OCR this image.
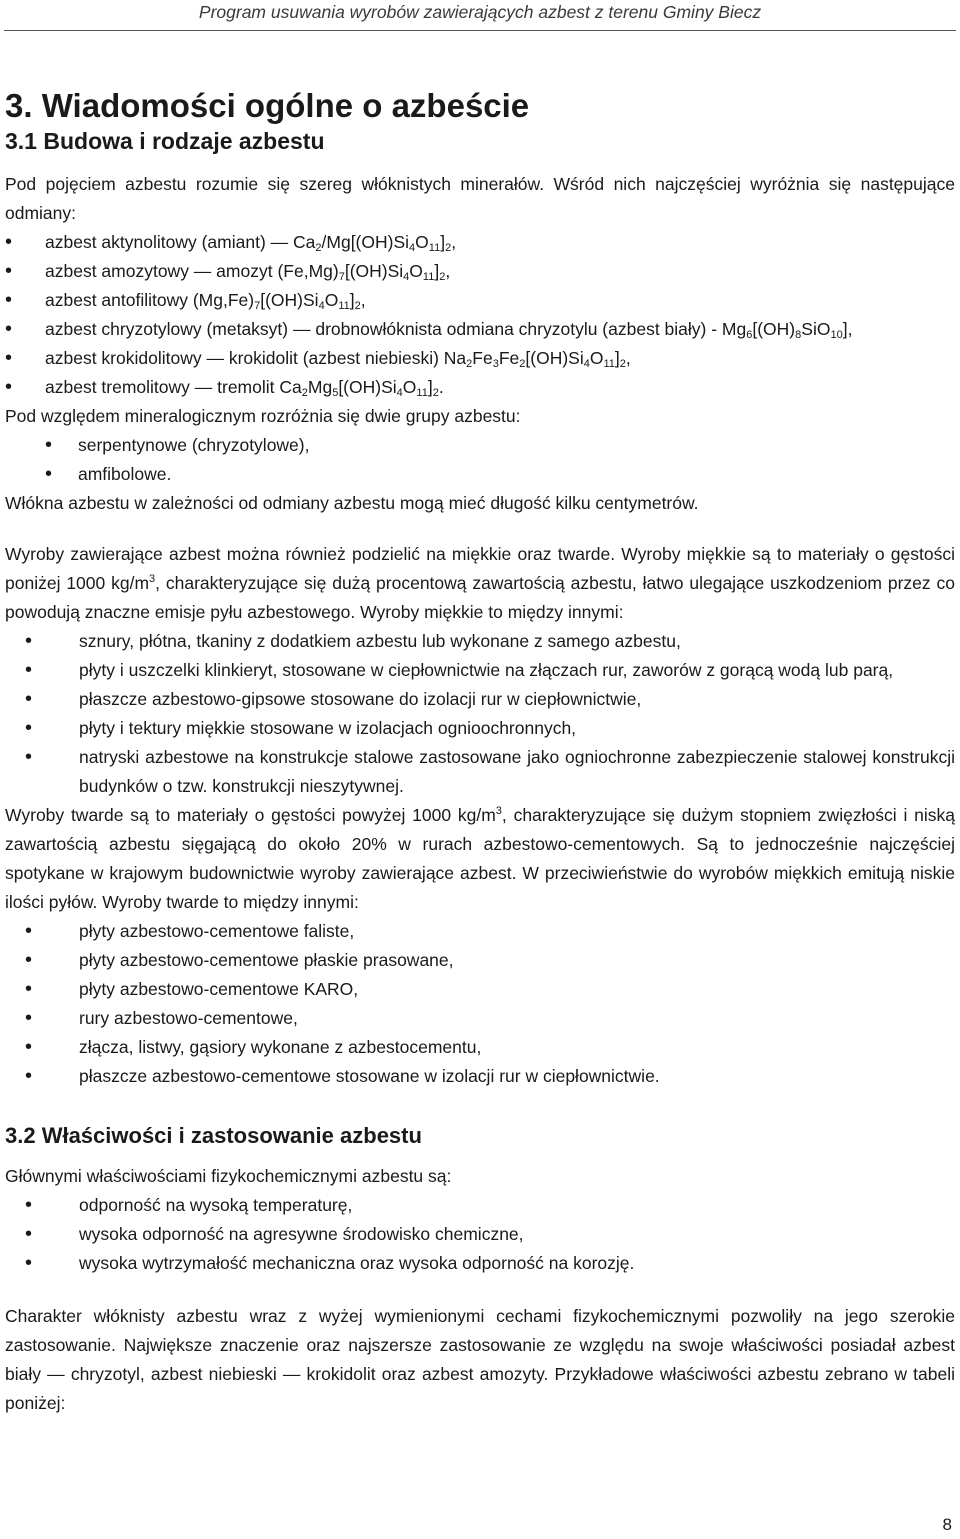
Program usuwania wyrobów zawierających azbest z terenu Gminy Biecz
3. Wiadomości ogólne o azbeście
3.1 Budowa i rodzaje azbestu

Pod pojęciem azbestu rozumie się szereg włóknistych minerałów. Wśród nich najczęściej wyróżnia się następujące odmiany:

• azbest aktynolitowy (amiant) — $Ca_2/Mg[(OH)Si_4O_{11}]_2$,
• azbest amozytowy — amozyt $(Fe,Mg)_7[(OH)Si_4O_{11}]_2$,
• azbest antofilitowy $(Mg,Fe)_7[(OH)Si_4O_{11}]_2$,
• azbest chryzotylowy (metaksyt) — drobnowłóknista odmiana chryzotylu (azbest biały) - $Mg_6[(OH)_8SiO_{10}]$,
• azbest krokidolitowy — krokidolit (azbest niebieski) $Na_2Fe_3Fe_2[(OH)Si_4O_{11}]_2$,
• azbest tremolitowy — tremolit $Ca_2Mg_5[(OH)Si_4O_{11}]_2$.

Pod względem mineralogicznym rozróżnia się dwie grupy azbestu:

• serpentynowe (chryzotylowe),
• amfibolowe.

Włókna azbestu w zależności od odmiany azbestu mogą mieć długość kilku centymetrów.

Wyroby zawierające azbest można również podzielić na miękkie oraz twarde. Wyroby miękkie są to materiały o gęstości poniżej 1000 $kg/m^3$, charakteryzujące się dużą procentową zawartością azbestu, łatwo ulegające uszkodzeniom przez co powodują znaczne emisje pyłu azbestowego. Wyroby miękkie to między innymi:

• sznury, płótna, tkaniny z dodatkiem azbestu lub wykonane z samego azbestu,
• płyty i uszczelki klinkieryt, stosowane w ciepłownictwie na złączach rur, zaworów z gorącą wodą lub parą,
• płaszcze azbestowo-gipsowe stosowane do izolacji rur w ciepłownictwie,
• płyty i tektury miękkie stosowane w izolacjach ognioochronnych,
• natryski azbestowe na konstrukcje stalowe zastosowane jako ogniochronne zabezpieczenie stalowej konstrukcji budynków o tzw. konstrukcji nieszytywnej.

Wyroby twarde są to materiały o gęstości powyżej 1000 $kg/m^3$, charakteryzujące się dużym stopniem zwięzłości i niską zawartością azbestu sięgającą do około 20% w rurach azbestowo-cementowych. Są to jednocześnie najczęściej spotykane w krajowym budownictwie wyroby zawierające azbest. W przeciwieństwie do wyrobów miękkich emitują niskie ilości pyłów. Wyroby twarde to między innymi:

• płyty azbestowo-cementowe faliste,
• płyty azbestowo-cementowe płaskie prasowane,
• płyty azbestowo-cementowe KARO,
• rury azbestowo-cementowe,
• złącza, listwy, gąsiory wykonane z azbestocementu,
• płaszcze azbestowo-cementowe stosowane w izolacji rur w ciepłownictwie.
3.2 Właściwości i zastosowanie azbestu

Głównymi właściwościami fizykochemicznymi azbestu są:

• odporność na wysoką temperaturę,
• wysoka odporność na agresywne środowisko chemiczne,
• wysoka wytrzymałość mechaniczna oraz wysoka odporność na korozję.

Charakter włóknisty azbestu wraz z wyżej wymienionymi cechami fizykochemicznymi pozwoliły na jego szerokie zastosowanie. Największe znaczenie oraz najszersze zastosowanie ze względu na swoje właściwości posiadał azbest biały — chryzotyl, azbest niebieski — krokidolit oraz azbest amozyty. Przykładowe właściwości azbestu zebrano w tabeli poniżej:

8
